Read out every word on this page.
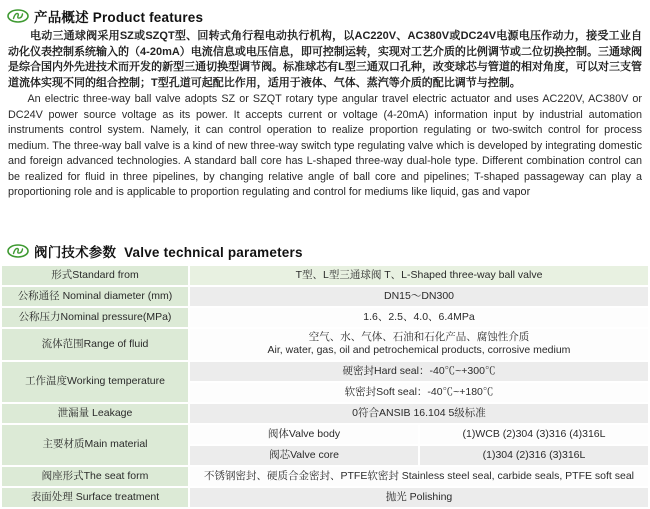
产品概述 Product features

电动三通球阀采用SZ或SZQT型、回转式角行程电动执行机构，以AC220V、AC380V或DC24V电源电压作动力，接受工业自动化仪表控制系统输入的（4-20mA）电流信息或电压信息，即可控制运转，实现对工艺介质的比例调节或二位切换控制。三通球阀是综合国内外先进技术而开发的新型三通切换型调节阀。标准球芯有L型三通双口孔种，改变球芯与管道的相对角度，可以对三支管道流体实现不同的组合控制；T型孔道可起配比作用，适用于液体、气体、蒸汽等介质的配比调节与控制。

An electric three-way ball valve adopts SZ or SZQT rotary type angular travel electric actuator and uses AC220V, AC380V or DC24V power source voltage as its power. It accepts current or voltage (4-20mA) information input by industrial automation instruments control system. Namely, it can control operation to realize proportion regulating or two-switch control for process medium. The three-way ball valve is a kind of new three-way switch type regulating valve which is developed by integrating domestic and foreign advanced technologies. A standard ball core has L-shaped three-way dual-hole type. Different combination control can be realized for fluid in three pipelines, by changing relative angle of ball core and pipelines; T-shaped passageway can play a proportioning role and is applicable to proportion regulating and control for mediums like liquid, gas and vapor

阀门技术参数  Valve technical parameters
形式Standard from	T型、L型三通球阀 T、L-Shaped three-way ball valve	
公称通径 Nominal diameter (mm)	DN15～DN300	
公称压力Nominal pressure(MPa)	1.6、2.5、4.0、6.4MPa	
流体范围Range of fluid	空气、水、气体、石油和石化产品、腐蚀性介质
Air, water, gas, oil and petrochemical products, corrosive medium	

工作温度Working temperature	硬密封Hard seal：-40℃~+300℃	
	软密封Soft seal：-40℃~+180℃	
泄漏量 Leakage	0符合ANSIB 16.104 5级标准	
主要材质Main material	阀体Valve body	(1)WCB (2)304 (3)316 (4)316L
	阀芯Valve core	(1)304 (2)316 (3)316L
阀座形式The seat form	不锈钢密封、硬质合金密封、PTFE软密封 Stainless steel seal, carbide seals, PTFE soft seal	
表面处理 Surface treatment	抛光 Polishing	
